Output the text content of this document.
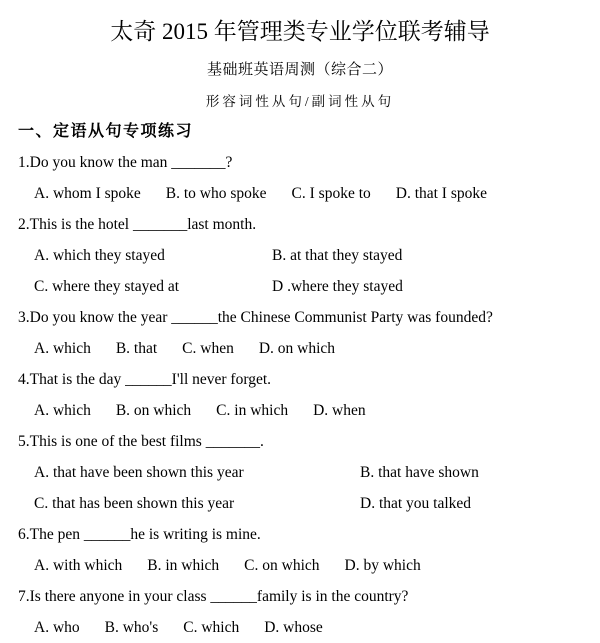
太奇 2015 年管理类专业学位联考辅导
基础班英语周测（综合二）
形容词性从句/副词性从句
一、定语从句专项练习
1.Do you know the man _______?
A. whom I spoke B. to who spoke C. I spoke to D. that I spoke
2.This is the hotel _______last month.
A. which they stayed	B. at that they stayed
C. where they stayed at	D .where they stayed
3.Do you know the year ______the Chinese Communist Party was founded?
A. which B. that C. when D. on which
4.That is the day ______I'll never forget.
A. which B. on which C. in which D. when
5.This is one of the best films _______.
A. that have been shown this year	B. that have shown
C. that has been shown this year	D. that you talked
6.The pen ______he is writing is mine.
A. with which B. in which C. on which D. by which
7.Is there anyone in your class ______family is in the country?
A. who B. who's C. which D. whose
